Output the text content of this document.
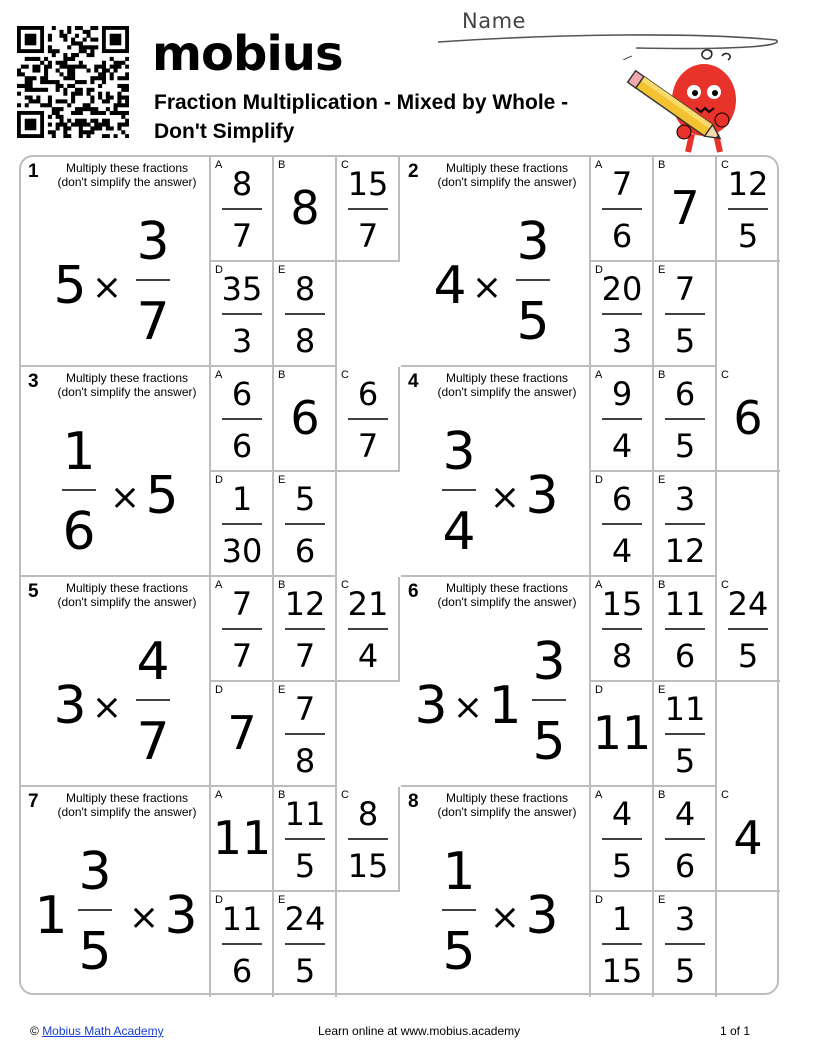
mobius
Fraction Multiplication - Mixed by Whole -
Don't Simplify
Name
1	Multiply these fractions (don't simplify the answer)
5 ×
3
7
A 8
7
B
8
C
15
7
D
35
3
E 8
8
2	Multiply these fractions (don't simplify the answer)
4 ×
3
5
A 7
6
B
7
C
12
5
D
20
3
E 7
5
3	Multiply these fractions (don't simplify the answer)
1
6
× 5
A 6
6
B
6
C 6
7
D 1
30
E 5
6
4	Multiply these fractions (don't simplify the answer)
3
4
× 3
A 9
4
B 6
5
C
6
D 6
4
E 3
12
5	Multiply these fractions (don't simplify the answer)
3 ×
4
7
A 7
7
B 12
7
C
21
4
D
7
E 7
8
6	Multiply these fractions (don't simplify the answer)
3 × 1
3
5
A 15
8
B 11
6
C
24
5
D
11
E 11
5
7	Multiply these fractions (don't simplify the answer)
1
3
5
× 3
A
11
B 11
5
C 8
15
D
11
6
E 24
5
8	Multiply these fractions (don't simplify the answer)
1
5
× 3
A 4
5
B 4
6
C
4
D 1
15
E 3
5
© Mobius Math Academy	Learn online at www.mobius.academy	1 of 1
